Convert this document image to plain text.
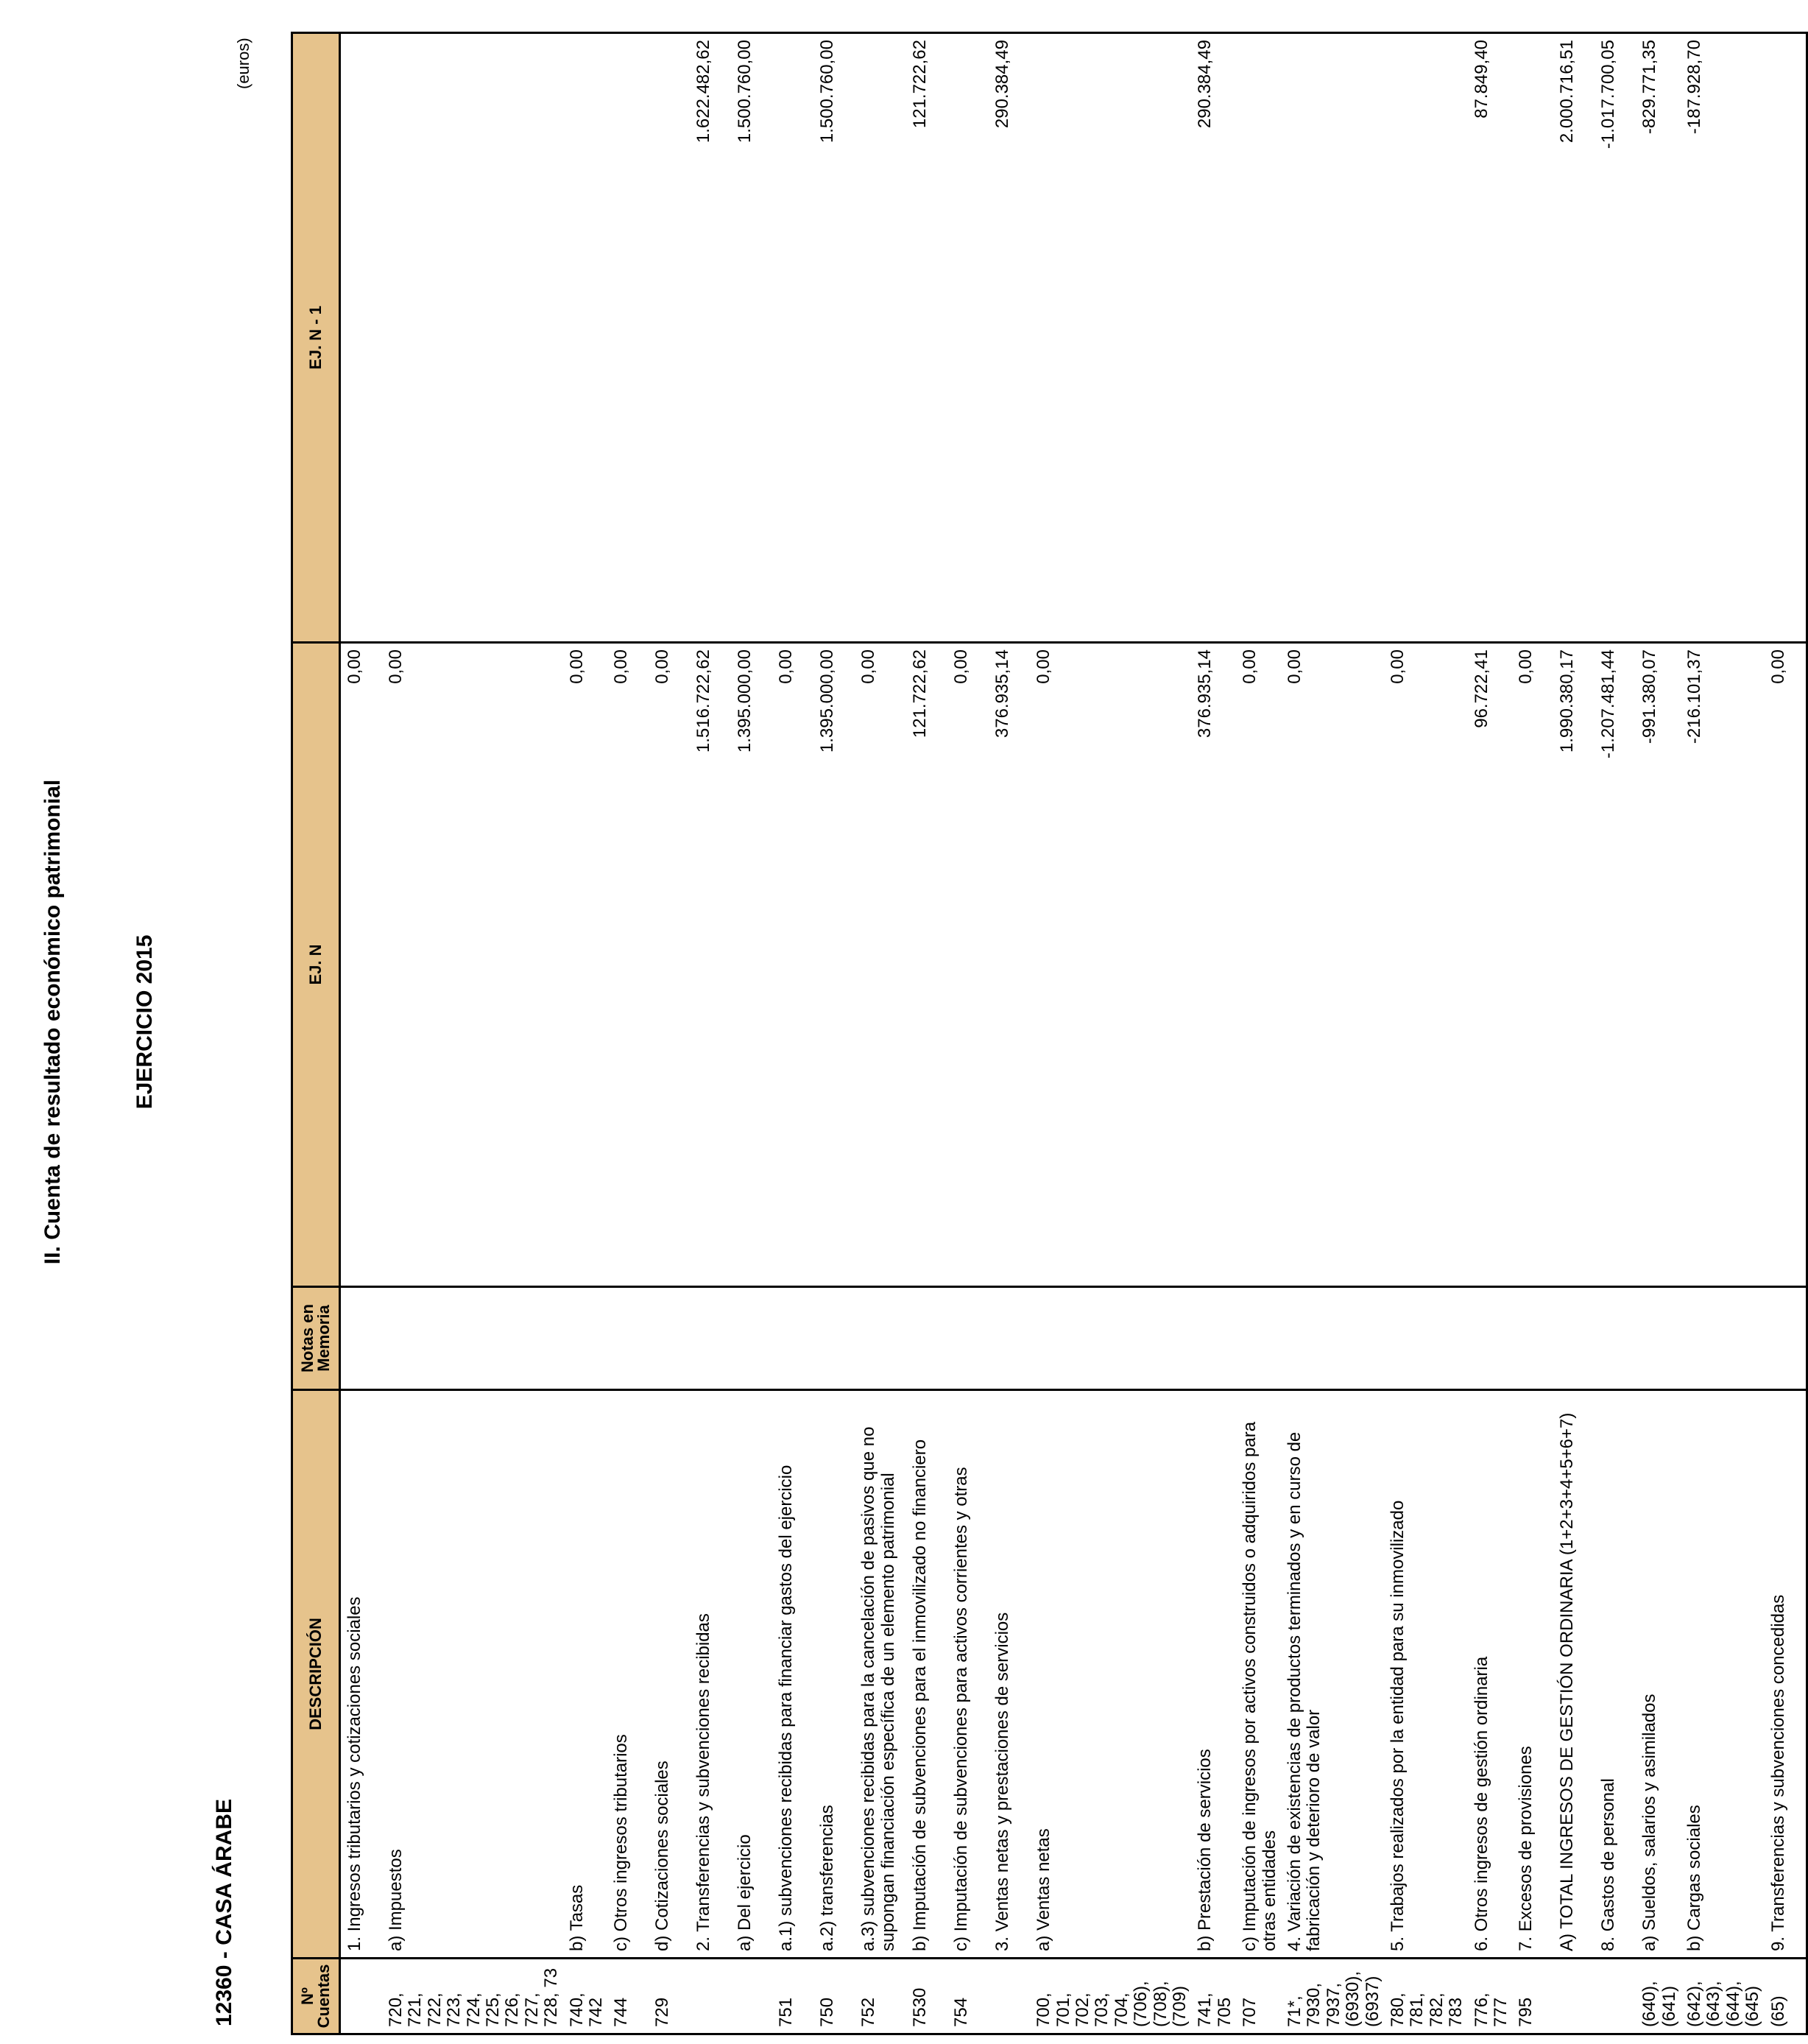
II. Cuenta de resultado económico patrimonial	EJERCICIO 2015
12360 - CASA ÁRABE
(euros)
Nº Cuentas	DESCRIPCIÓN	Notas en Memoria	EJ. N	EJ. N - 1
	1. Ingresos tributarios y cotizaciones sociales		0,00	
720, 721, 722, 723, 724, 725, 726, 727, 728, 73	a) Impuestos		0,00	
740, 742	b) Tasas		0,00	
744	c) Otros ingresos tributarios		0,00	
729	d) Cotizaciones sociales		0,00	
	2. Transferencias y subvenciones recibidas		1.516.722,62	1.622.482,62
	a) Del ejercicio		1.395.000,00	1.500.760,00
751	a.1) subvenciones recibidas para financiar gastos del ejercicio		0,00	
750	a.2) transferencias		1.395.000,00	1.500.760,00
752	a.3) subvenciones recibidas para la cancelación de pasivos que no supongan financiación específica de un elemento patrimonial		0,00	
7530	b) Imputación de subvenciones para el inmovilizado no financiero		121.722,62	121.722,62
754	c) Imputación de subvenciones para activos corrientes y otras		0,00	
	3. Ventas netas y prestaciones de servicios		376.935,14	290.384,49
700, 701, 702, 703, 704, (706), (708), (709)	a) Ventas netas		0,00	
741, 705	b) Prestación de servicios		376.935,14	290.384,49
707	c) Imputación de ingresos por activos construidos o adquiridos para otras entidades		0,00	
71*, 7930, 7937, (6930), (6937)	4. Variación de existencias de productos terminados y en curso de fabricación y deterioro de valor		0,00	
780, 781, 782, 783	5. Trabajos realizados por la entidad para su inmovilizado		0,00	
776, 777	6. Otros ingresos de gestión ordinaria		96.722,41	87.849,40
795	7. Excesos de provisiones		0,00	
	A) TOTAL INGRESOS DE GESTIÓN ORDINARIA (1+2+3+4+5+6+7)		1.990.380,17	2.000.716,51
	8. Gastos de personal		-1.207.481,44	-1.017.700,05
(640), (641)	a) Sueldos, salarios y asimilados		-991.380,07	-829.771,35
(642), (643), (644), (645)	b) Cargas sociales		-216.101,37	-187.928,70
(65)	9. Transferencias y subvenciones concedidas		0,00	
